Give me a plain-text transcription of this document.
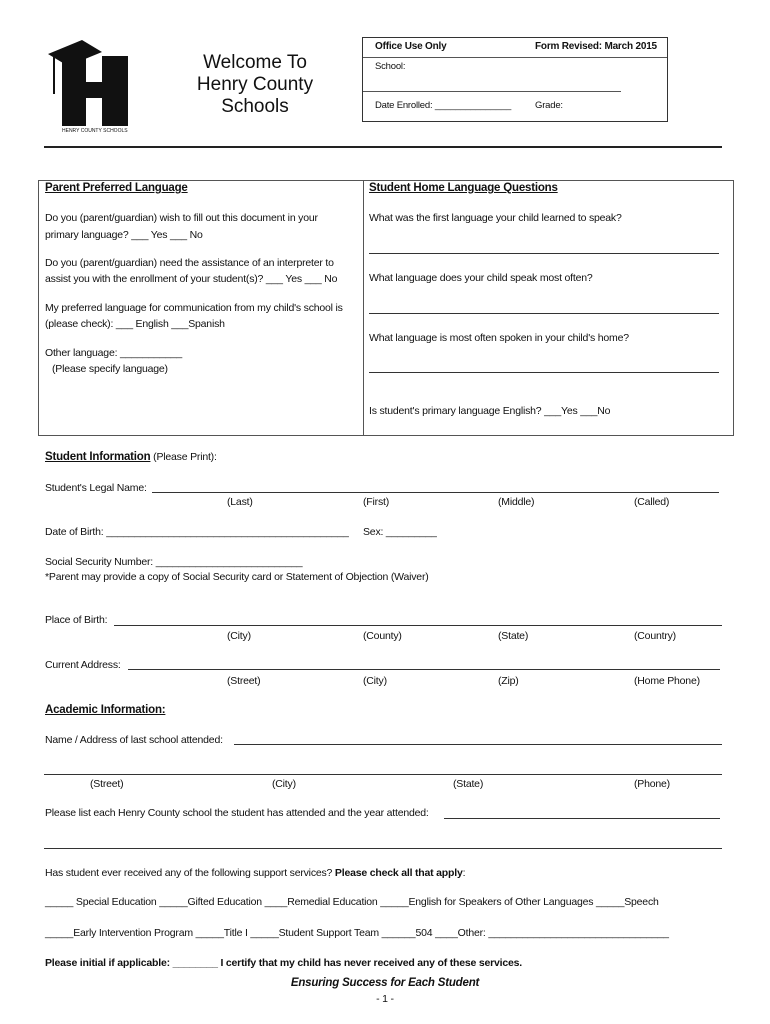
HENRY COUNTY SCHOOLS
Welcome To
Henry County
Schools
Office Use Only	Form Revised: March 2015
School:
Date Enrolled: _______________	Grade:
Parent Preferred Language
Do you (parent/guardian) wish to fill out this document in your
primary language? ___ Yes ___ No
Do you (parent/guardian) need the assistance of an interpreter to
assist you with the enrollment of your student(s)? ___ Yes ___ No
My preferred language for communication from my child's school is
(please check): ___ English ___Spanish
Other language: ___________
(Please specify language)
Student Home Language Questions
What was the first language your child learned to speak?
What language does your child speak most often?
What language is most often spoken in your child's home?
Is student's primary language English? ___Yes ___No
Student Information (Please Print):
Student's Legal Name:
(Last)	(First)	(Middle)	(Called)
Date of Birth: ___________________________________________ Sex: _________
Social Security Number: __________________________
*Parent may provide a copy of Social Security card or Statement of Objection (Waiver)
Place of Birth:
(City)	(County)	(State)	(Country)
Current Address:
(Street)	(City)	(Zip)	(Home Phone)
Academic Information:
Name / Address of last school attended:
(Street)	(City)	(State)	(Phone)
Please list each Henry County school the student has attended and the year attended:
Has student ever received any of the following support services? Please check all that apply:
_____ Special Education _____Gifted Education ____Remedial Education _____English for Speakers of Other Languages _____Speech
_____Early Intervention Program _____Title I _____Student Support Team ______504 ____Other: ________________________________
Please initial if applicable: ________ I certify that my child has never received any of these services.
Ensuring Success for Each Student
- 1 -
